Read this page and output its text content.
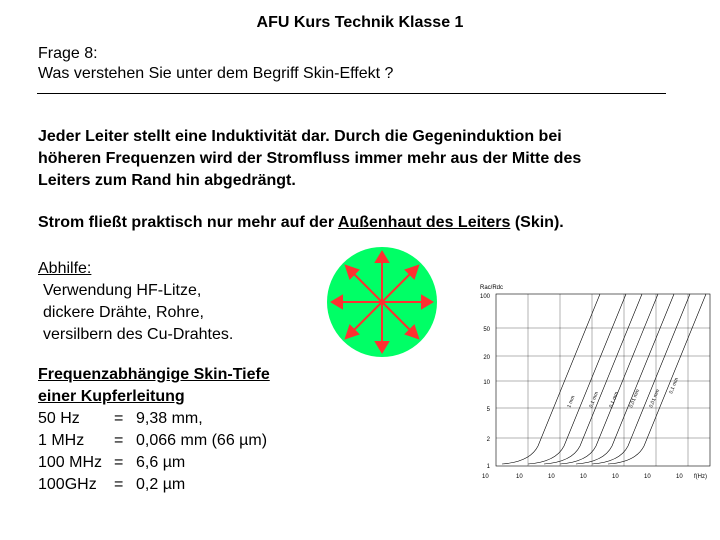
AFU Kurs Technik Klasse 1
Frage 8:
Was verstehen Sie unter dem Begriff Skin-Effekt ?
Jeder Leiter stellt eine Induktivität dar. Durch die Gegeninduktion bei
höheren Frequenzen wird der Stromfluss immer mehr aus der Mitte des
Leiters zum Rand hin abgedrängt.
Strom fließt praktisch nur mehr auf der Außenhaut des Leiters (Skin).
Abhilfe:
Verwendung HF-Litze,
dickere Drähte, Rohre,
versilbern des Cu-Drahtes.
Frequenzabhängige Skin-Tiefe
einer Kupferleitung
50 Hz = 9,38 mm,
1 MHz = 0,066 mm (66 µm)
100 MHz = 6,6 µm
100GHz = 0,2 µm
Rac/Rdc
100
50
20
10
5
2
1
10	10	10	10	10	10	10 f(Hz)
1 mm 0,1 mm 0,1 mm 0,01 mm 0,01 mm
0,1 mm
